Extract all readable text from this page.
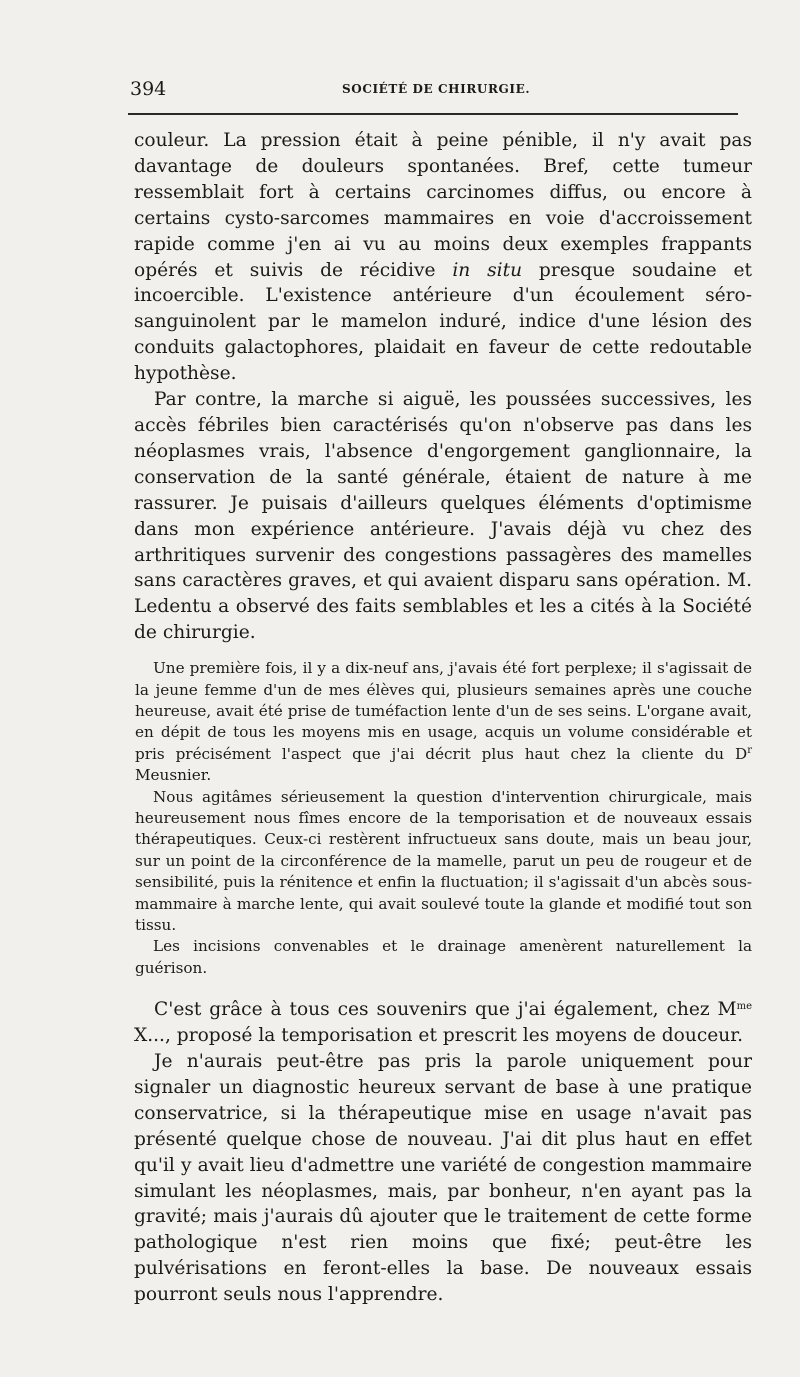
394	SOCIÉTÉ DE CHIRURGIE.

couleur. La pression était à peine pénible, il n'y avait pas davantage de douleurs spontanées. Bref, cette tumeur ressemblait fort à certains carcinomes diffus, ou encore à certains cysto-sarcomes mammaires en voie d'accroissement rapide comme j'en ai vu au moins deux exemples frappants opérés et suivis de récidive in situ presque soudaine et incoercible. L'existence antérieure d'un écoulement séro-sanguinolent par le mamelon induré, indice d'une lésion des conduits galactophores, plaidait en faveur de cette redoutable hypothèse.

Par contre, la marche si aiguë, les poussées successives, les accès fébriles bien caractérisés qu'on n'observe pas dans les néoplasmes vrais, l'absence d'engorgement ganglionnaire, la conservation de la santé générale, étaient de nature à me rassurer. Je puisais d'ailleurs quelques éléments d'optimisme dans mon expérience antérieure. J'avais déjà vu chez des arthritiques survenir des congestions passagères des mamelles sans caractères graves, et qui avaient disparu sans opération. M. Ledentu a observé des faits semblables et les a cités à la Société de chirurgie.

Une première fois, il y a dix-neuf ans, j'avais été fort perplexe; il s'agissait de la jeune femme d'un de mes élèves qui, plusieurs semaines après une couche heureuse, avait été prise de tuméfaction lente d'un de ses seins. L'organe avait, en dépit de tous les moyens mis en usage, acquis un volume considérable et pris précisément l'aspect que j'ai décrit plus haut chez la cliente du $D^r$ Meusnier.

Nous agitâmes sérieusement la question d'intervention chirurgicale, mais heureusement nous fîmes encore de la temporisation et de nouveaux essais thérapeutiques. Ceux-ci restèrent infructueux sans doute, mais un beau jour, sur un point de la circonférence de la mamelle, parut un peu de rougeur et de sensibilité, puis la rénitence et enfin la fluctuation; il s'agissait d'un abcès sous-mammaire à marche lente, qui avait soulevé toute la glande et modifié tout son tissu.

Les incisions convenables et le drainage amenèrent naturellement la guérison.

C'est grâce à tous ces souvenirs que j'ai également, chez $M^{me}$ X..., proposé la temporisation et prescrit les moyens de douceur.

Je n'aurais peut-être pas pris la parole uniquement pour signaler un diagnostic heureux servant de base à une pratique conservatrice, si la thérapeutique mise en usage n'avait pas présenté quelque chose de nouveau. J'ai dit plus haut en effet qu'il y avait lieu d'admettre une variété de congestion mammaire simulant les néoplasmes, mais, par bonheur, n'en ayant pas la gravité; mais j'aurais dû ajouter que le traitement de cette forme pathologique n'est rien moins que fixé; peut-être les pulvérisations en feront-elles la base. De nouveaux essais pourront seuls nous l'apprendre.
